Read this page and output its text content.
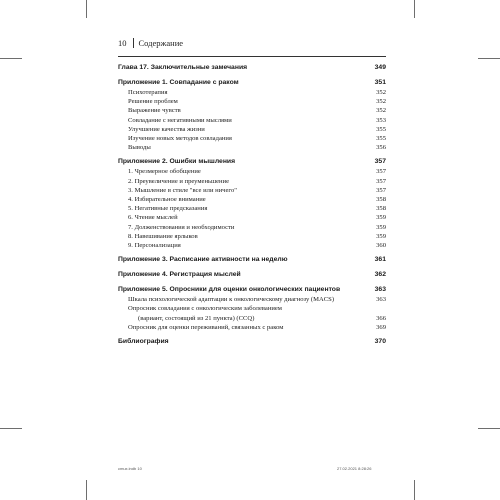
10 Содержание
Глава 17. Заключительные замечания	349
Приложение 1. Совпадание с раком	351
Психотерапия	352
Решение проблем	352
Выражение чувств	352
Совладание с негативными мыслями	353
Улучшение качества жизни	355
Изучение новых методов совладания	355
Выводы	356
Приложение 2. Ошибки мышления	357
1. Чрезмерное обобщение	357
2. Преувеличение и преуменьшение	357
3. Мышление в стиле "все или ничего"	357
4. Избирательное внимание	358
5. Негативные предсказания	358
6. Чтение мыслей	359
7. Долженствования и необходимости	359
8. Навешивание ярлыков	359
9. Персонализация	360
Приложение 3. Расписание активности на неделю	361
Приложение 4. Регистрация мыслей	362
Приложение 5. Опросники для оценки онкологических пациентов	363
Шкала психологической адаптации к онкологическому диагнозу (MACS)	363
Опросник совладания с онкологическим заболеванием
(вариант, состоящий из 21 пункта) (CCQ)	366
Опросник для оценки переживаний, связанных с раком	369
Библиография	370
cmux.indb 10	27.02.2021 8:28:26
